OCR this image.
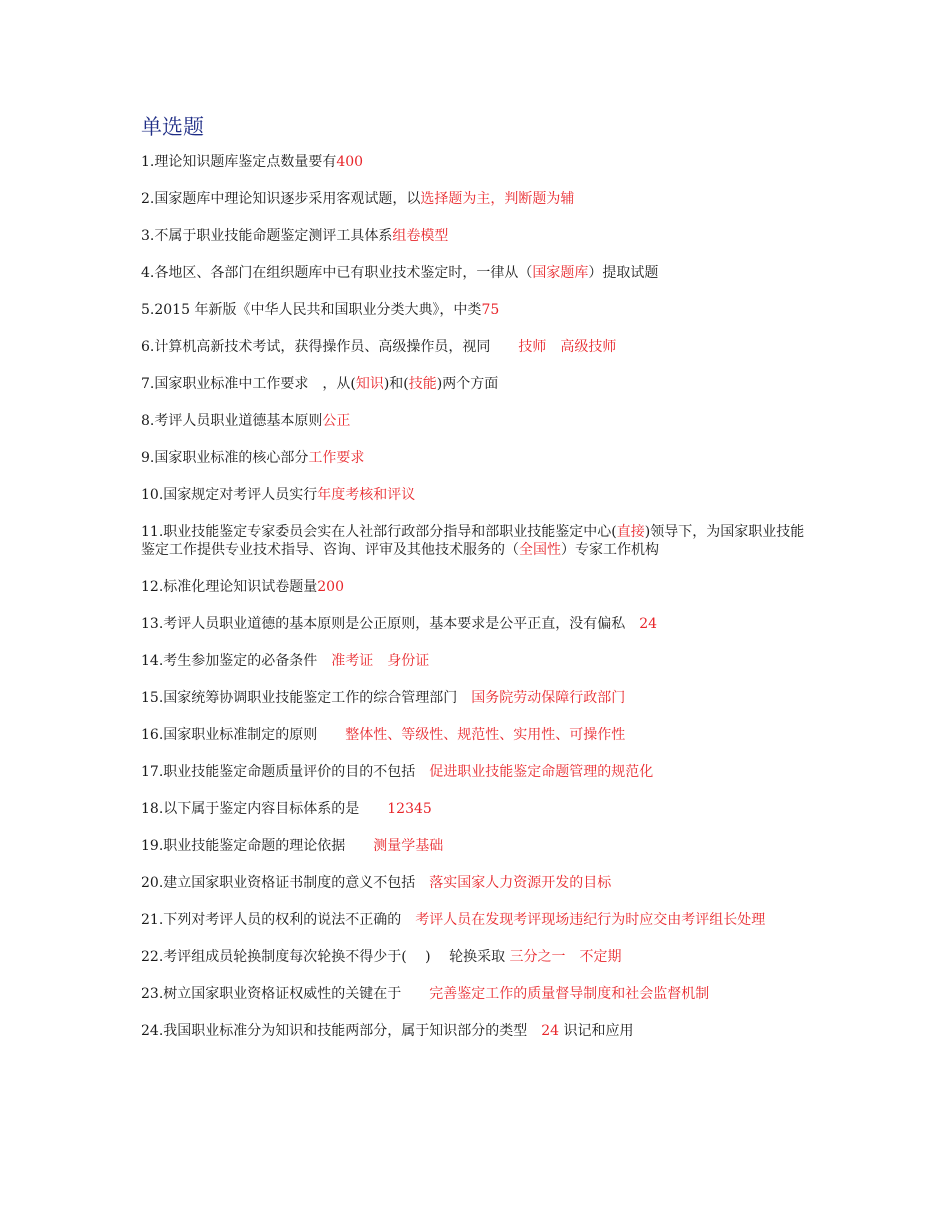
单选题

1.理论知识题库鉴定点数量要有400

2.国家题库中理论知识逐步采用客观试题，以选择题为主，判断题为辅

3.不属于职业技能命题鉴定测评工具体系组卷模型

4.各地区、各部门在组织题库中已有职业技术鉴定时，一律从（国家题库）提取试题

5.2015 年新版《中华人民共和国职业分类大典》，中类75

6.计算机高新技术考试，获得操作员、高级操作员，视同　　技师　高级技师

7.国家职业标准中工作要求　，从(知识)和(技能)两个方面

8.考评人员职业道德基本原则公正

9.国家职业标准的核心部分工作要求

10.国家规定对考评人员实行年度考核和评议

11.职业技能鉴定专家委员会实在人社部行政部分指导和部职业技能鉴定中心(直接)领导下，为国家职业技能鉴定工作提供专业技术指导、咨询、评审及其他技术服务的（全国性）专家工作机构

12.标准化理论知识试卷题量200

13.考评人员职业道德的基本原则是公正原则，基本要求是公平正直，没有偏私　24

14.考生参加鉴定的必备条件　准考证　身份证

15.国家统筹协调职业技能鉴定工作的综合管理部门　国务院劳动保障行政部门

16.国家职业标准制定的原则　　整体性、等级性、规范性、实用性、可操作性

17.职业技能鉴定命题质量评价的目的不包括　促进职业技能鉴定命题管理的规范化

18.以下属于鉴定内容目标体系的是　　12345

19.职业技能鉴定命题的理论依据　　测量学基础

20.建立国家职业资格证书制度的意义不包括　落实国家人力资源开发的目标

21.下列对考评人员的权利的说法不正确的　考评人员在发现考评现场违纪行为时应交由考评组长处理

22.考评组成员轮换制度每次轮换不得少于(　 )　 轮换采取 三分之一　不定期

23.树立国家职业资格证权威性的关键在于　　完善鉴定工作的质量督导制度和社会监督机制

24.我国职业标准分为知识和技能两部分，属于知识部分的类型　24 识记和应用
